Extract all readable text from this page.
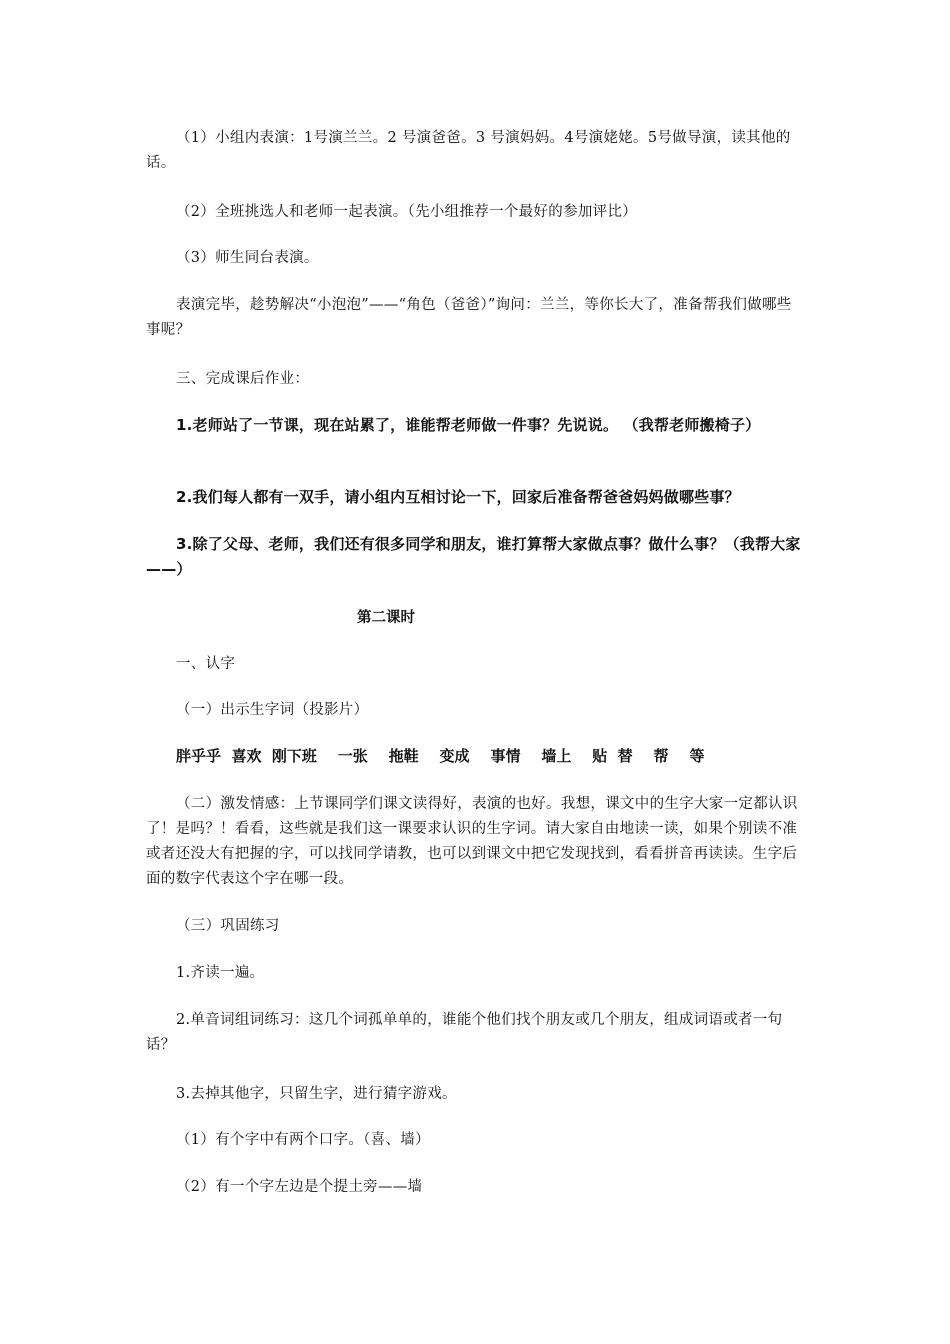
（1）小组内表演：1号演兰兰。2 号演爸爸。3 号演妈妈。4号演姥姥。5号做导演，读其他的话。

（2）全班挑选人和老师一起表演。（先小组推荐一个最好的参加评比）

（3）师生同台表演。

表演完毕，趁势解决“小泡泡”——“角色（爸爸）”询问：兰兰，等你长大了，准备帮我们做哪些事呢？

三、完成课后作业：

1.老师站了一节课，现在站累了，谁能帮老师做一件事？先说说。 （我帮老师搬椅子）

2.我们每人都有一双手，请小组内互相讨论一下，回家后准备帮爸爸妈妈做哪些事？

3.除了父母、老师，我们还有很多同学和朋友，谁打算帮大家做点事？做什么事？（我帮大家——）

第二课时

一、认字

（一）出示生字词（投影片）

胖乎乎  喜欢  刚下班    一张    拖鞋    变成    事情    墙上    贴  替    帮    等

（二）激发情感：上节课同学们课文读得好，表演的也好。我想，课文中的生字大家一定都认识了！是吗？！看看，这些就是我们这一课要求认识的生字词。请大家自由地读一读，如果个别读不准或者还没大有把握的字，可以找同学请教，也可以到课文中把它发现找到，看看拼音再读读。生字后面的数字代表这个字在哪一段。

（三）巩固练习

1.齐读一遍。

2.单音词组词练习：这几个词孤单单的，谁能个他们找个朋友或几个朋友，组成词语或者一句话？

3.去掉其他字，只留生字，进行猜字游戏。

（1）有个字中有两个口字。（喜、墙）

（2）有一个字左边是个提土旁——墙
